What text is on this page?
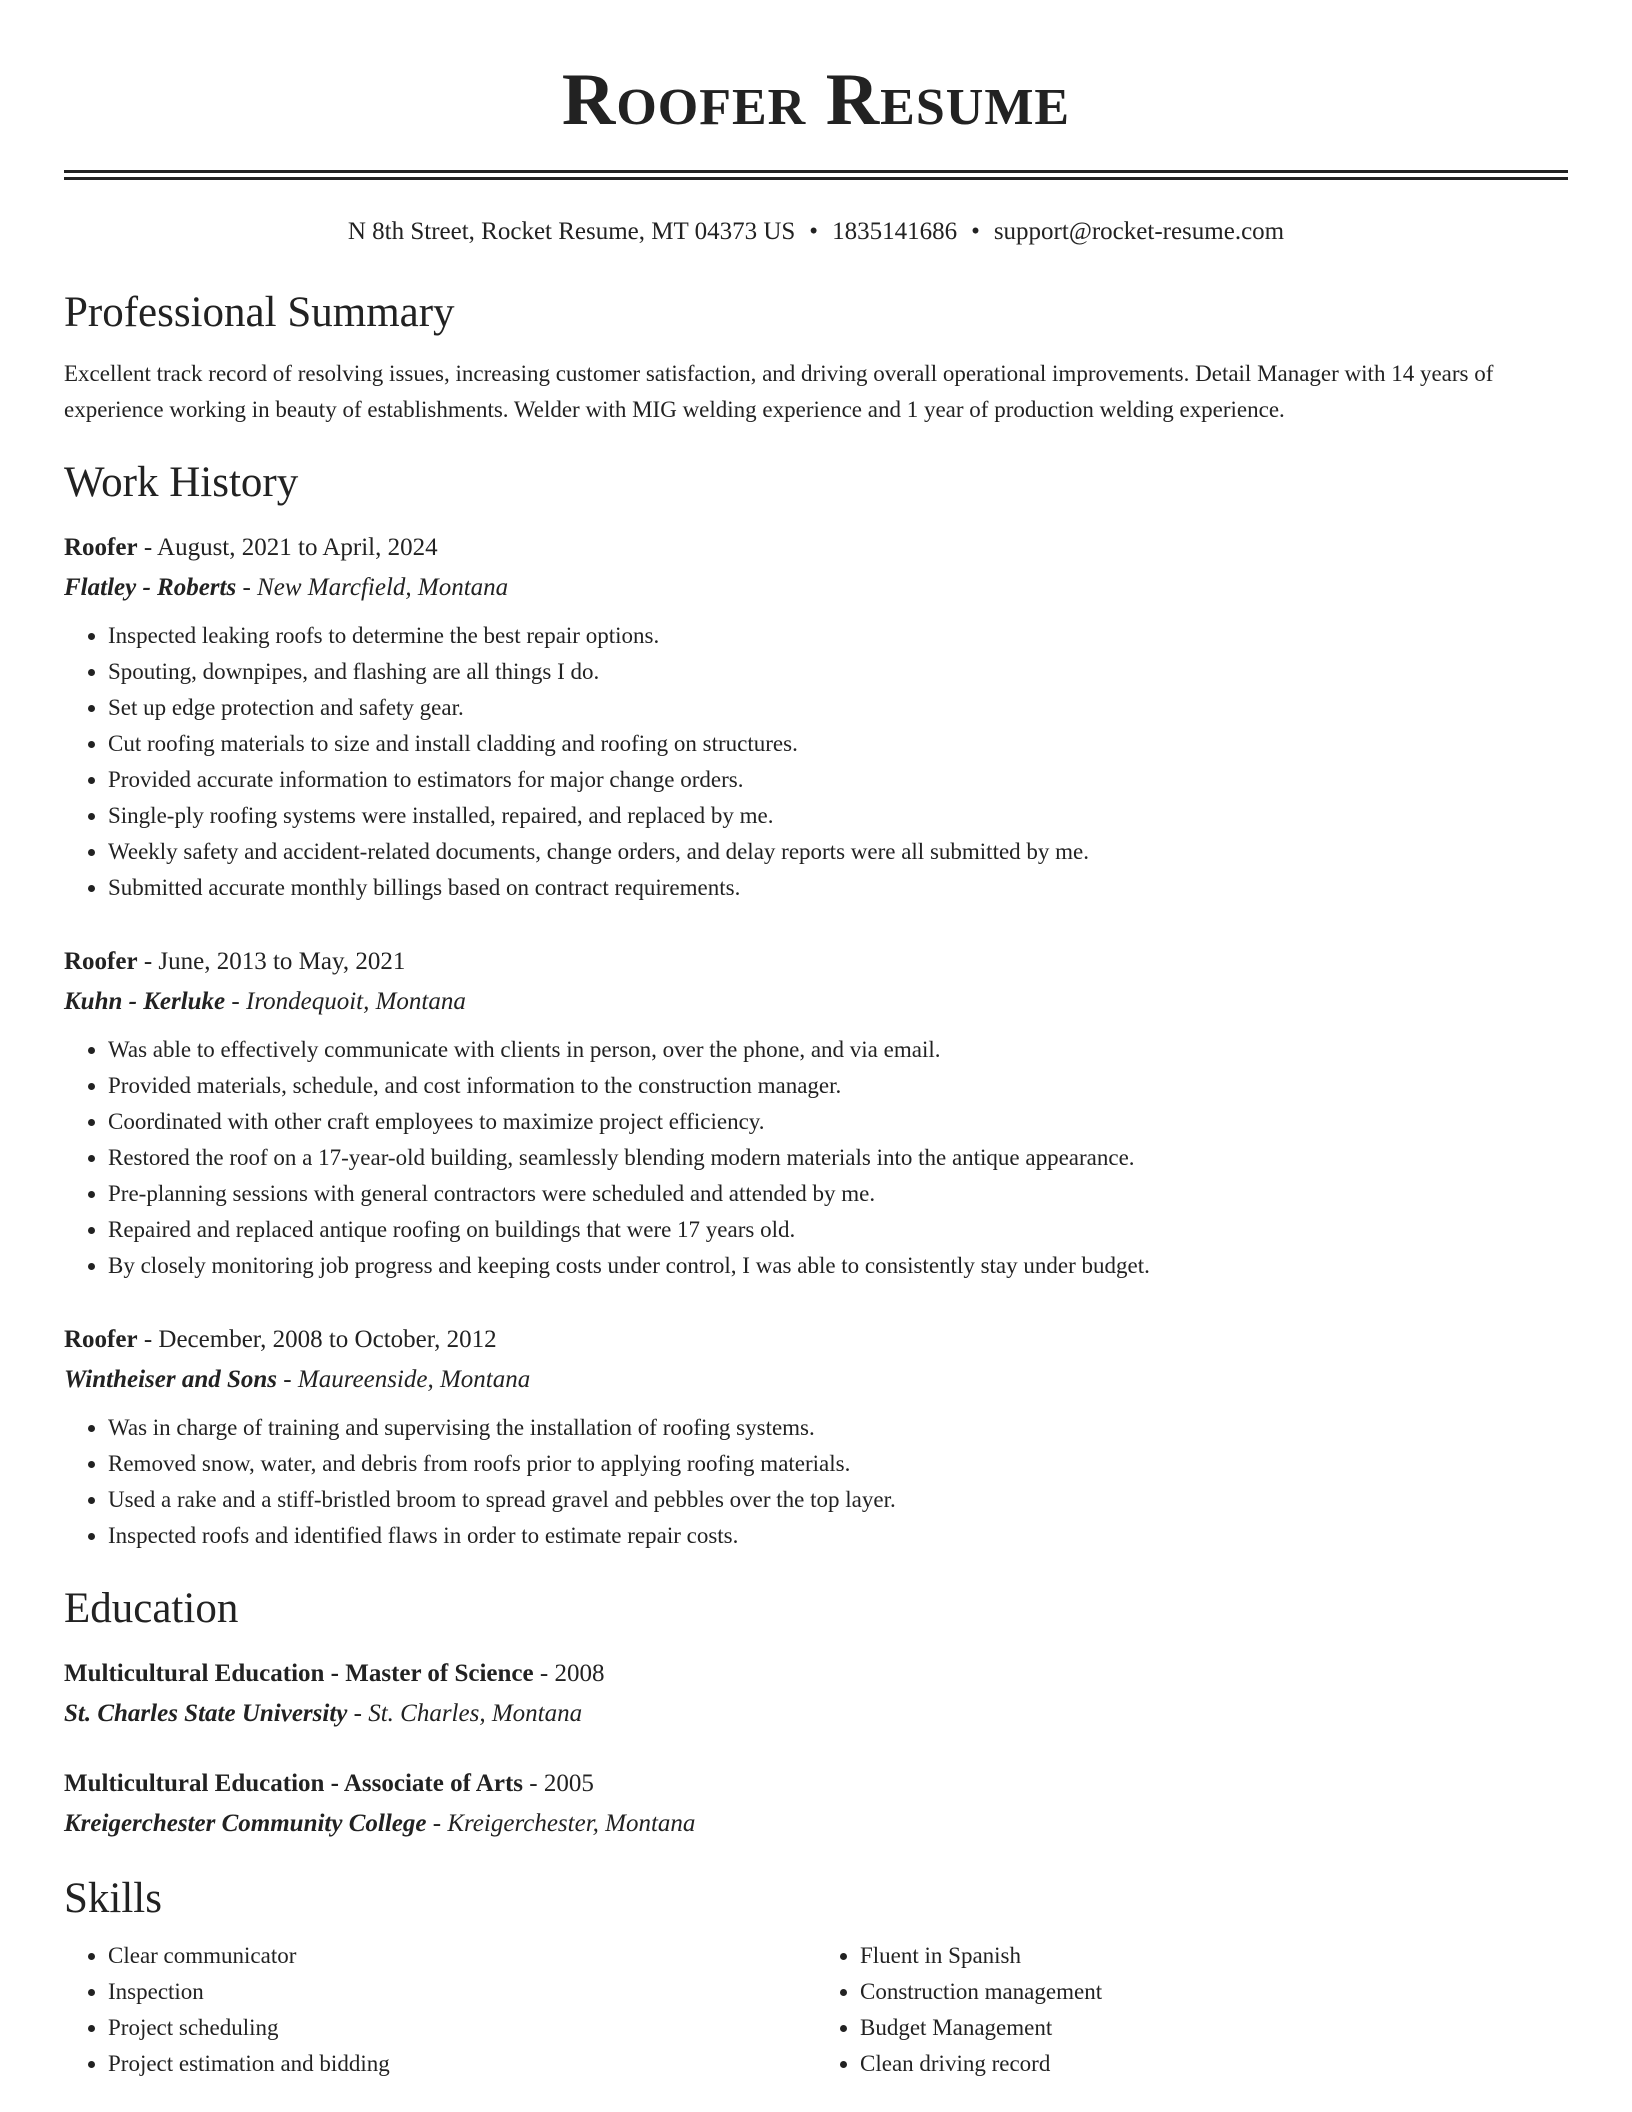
Roofer Resume
N 8th Street, Rocket Resume, MT 04373 US • 1835141686 • support@rocket-resume.com
Professional Summary
Excellent track record of resolving issues, increasing customer satisfaction, and driving overall operational improvements. Detail Manager with 14 years of experience working in beauty of establishments. Welder with MIG welding experience and 1 year of production welding experience.
Work History
Roofer - August, 2021 to April, 2024
Flatley - Roberts - New Marcfield, Montana
• Inspected leaking roofs to determine the best repair options.
• Spouting, downpipes, and flashing are all things I do.
• Set up edge protection and safety gear.
• Cut roofing materials to size and install cladding and roofing on structures.
• Provided accurate information to estimators for major change orders.
• Single-ply roofing systems were installed, repaired, and replaced by me.
• Weekly safety and accident-related documents, change orders, and delay reports were all submitted by me.
• Submitted accurate monthly billings based on contract requirements.
Roofer - June, 2013 to May, 2021
Kuhn - Kerluke - Irondequoit, Montana
• Was able to effectively communicate with clients in person, over the phone, and via email.
• Provided materials, schedule, and cost information to the construction manager.
• Coordinated with other craft employees to maximize project efficiency.
• Restored the roof on a 17-year-old building, seamlessly blending modern materials into the antique appearance.
• Pre-planning sessions with general contractors were scheduled and attended by me.
• Repaired and replaced antique roofing on buildings that were 17 years old.
• By closely monitoring job progress and keeping costs under control, I was able to consistently stay under budget.
Roofer - December, 2008 to October, 2012
Wintheiser and Sons - Maureenside, Montana
• Was in charge of training and supervising the installation of roofing systems.
• Removed snow, water, and debris from roofs prior to applying roofing materials.
• Used a rake and a stiff-bristled broom to spread gravel and pebbles over the top layer.
• Inspected roofs and identified flaws in order to estimate repair costs.
Education
Multicultural Education - Master of Science - 2008
St. Charles State University - St. Charles, Montana
Multicultural Education - Associate of Arts - 2005
Kreigerchester Community College - Kreigerchester, Montana
Skills
• Clear communicator
• Inspection
• Project scheduling
• Project estimation and bidding
• Fluent in Spanish
• Construction management
• Budget Management
• Clean driving record
